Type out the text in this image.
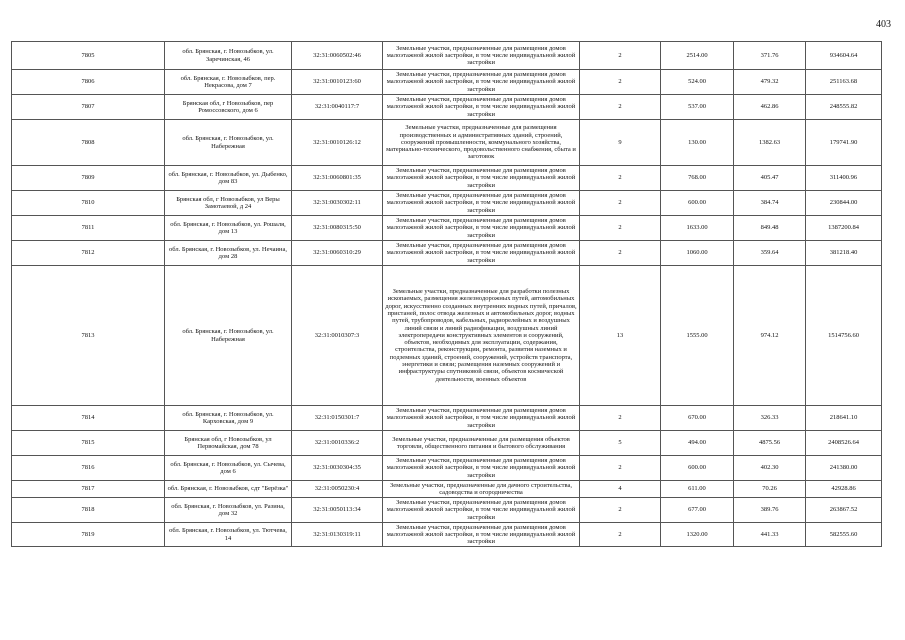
403
7805	обл. Брянская, г. Новозыбков, ул. Заречинская, 46	32:31:0060502:46	Земельные участки, предназначенные для размещения домов малоэтажной жилой застройки, в том числе индивидуальной жилой застройки	2	2514.00	371.76	934604.64
7806	обл. Брянская, г. Новозыбков, пер. Некрасова, дом 7	32:31:0010123:60	Земельные участки, предназначенные для размещения домов малоэтажной жилой застройки, в том числе индивидуальной жилой застройки	2	524.00	479.32	251163.68
7807	Брянская обл, г Новозыбков, пер Ромоссовского, дом 6	32:31:0040117:7	Земельные участки, предназначенные для размещения домов малоэтажной жилой застройки, в том числе индивидуальной жилой застройки	2	537.00	462.86	248555.82
7808	обл. Брянская, г. Новозыбков, ул. Набережная	32:31:0010126:12	Земельные участки, предназначенные для размещения производственных и административных зданий, строений, сооружений промышленности, коммунального хозяйства, материально-технического, продовольственного снабжения, сбыта и заготовок	9	130.00	1382.63	179741.90
7809	обл. Брянская, г. Новозыбков, ул. Дыбенко, дом 83	32:31:0060801:35	Земельные участки, предназначенные для размещения домов малоэтажной жилой застройки, в том числе индивидуальной жилой застройки	2	768.00	405.47	311400.96
7810	Брянская обл, г Новозыбков, ул Веры Замотаевой, д 24	32:31:0030302:11	Земельные участки, предназначенные для размещения домов малоэтажной жилой застройки, в том числе индивидуальной жилой застройки	2	600.00	384.74	230844.00
7811	обл. Брянская, г. Новозыбков, ул. Рошаля, дом 13	32:31:0080315:50	Земельные участки, предназначенные для размещения домов малоэтажной жилой застройки, в том числе индивидуальной жилой застройки	2	1633.00	849.48	1387200.84
7812	обл. Брянская, г. Новозыбков, ул. Нечаина, дом 28	32:31:0060310:29	Земельные участки, предназначенные для размещения домов малоэтажной жилой застройки, в том числе индивидуальной жилой застройки	2	1060.00	359.64	381218.40
7813	обл. Брянская, г. Новозыбков, ул. Набережная	32:31:0010307:3	Земельные участки, предназначенные для разработки полезных ископаемых, размещения железнодорожных путей, автомобильных дорог, искусственно созданных внутренних водных путей, причалов, пристаней, полос отвода железных и автомобильных дорог, водных путей, трубопроводов, кабельных, радиорелейных и воздушных линий связи и линий радиофикации, воздушных линий электропередачи конструктивных элементов и сооружений, объектов, необходимых для эксплуатации, содержания, строительства, реконструкции, ремонта, развития наземных и подземных зданий, строений, сооружений, устройств транспорта, энергетики и связи; размещения наземных сооружений и инфраструктуры спутниковой связи, объектов космической деятельности, военных объектов	13	1555.00	974.12	1514756.60
7814	обл. Брянская, г. Новозыбков, ул. Карховская, дом 9	32:31:0150301:7	Земельные участки, предназначенные для размещения домов малоэтажной жилой застройки, в том числе индивидуальной жилой застройки	2	670.00	326.33	218641.10
7815	Брянская обл, г Новозыбков, ул Первомайская, дом 78	32:31:0010336:2	Земельные участки, предназначенные для размещения объектов торговли, общественного питания и бытового обслуживания	5	494.00	4875.56	2408526.64
7816	обл. Брянская, г. Новозыбков, ул. Сычева, дом 6	32:31:0030304:35	Земельные участки, предназначенные для размещения домов малоэтажной жилой застройки, в том числе индивидуальной жилой застройки	2	600.00	402.30	241380.00
7817	обл. Брянская, г. Новозыбков, сдт "Берёзка"	32:31:0050230:4	Земельные участки, предназначенные для дачного строительства, садоводства и огородничества	4	611.00	70.26	42928.86
7818	обл. Брянская, г. Новозыбков, ул. Разина, дом 32	32:31:0050113:34	Земельные участки, предназначенные для размещения домов малоэтажной жилой застройки, в том числе индивидуальной жилой застройки	2	677.00	389.76	263867.52
7819	обл. Брянская, г. Новозыбков, ул. Тютчева, 14	32:31:0130319:11	Земельные участки, предназначенные для размещения домов малоэтажной жилой застройки, в том числе индивидуальной жилой застройки	2	1320.00	441.33	582555.60
